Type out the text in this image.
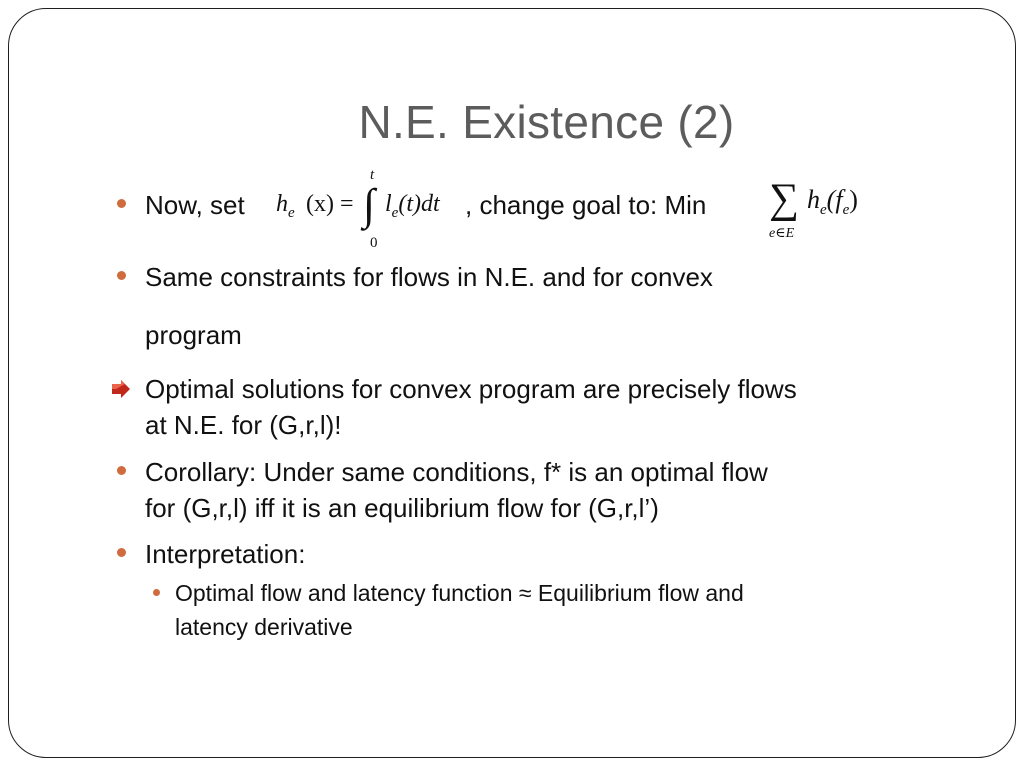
N.E. Existence (2)
Now, set $h_e$ (x) = ∫
t
0
$l_e(t)dt$ , change goal to: Min ∑
e∈E
$h_e(f_e)$
Same constraints for flows in N.E. and for convex
program
Optimal solutions for convex program are precisely flows
at N.E. for (G,r,l)!
Corollary: Under same conditions, f* is an optimal flow
for (G,r,l) iff it is an equilibrium flow for (G,r,l’)
Interpretation:
Optimal flow and latency function ≈ Equilibrium flow and
latency derivative
